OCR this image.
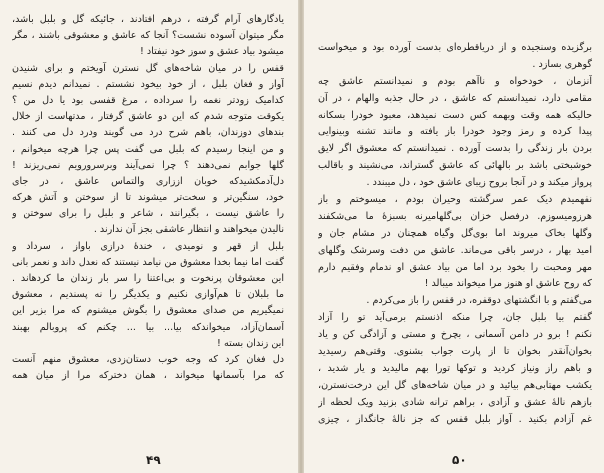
یادگارهای آرام گرفته ، درهم افتادند ، جائیکه گل و بلبل باشد،
مگر میتوان آسوده نشست؟ آنجا که عاشق و معشوقی باشند ، مگر
میشود بیاد عشق و سوز خود نیفتاد !
قفس را در میان شاخه‌های گل نسترن آویختم و برای شنیدن
آواز و فغان بلبل ، از خود بیخود نشستم . نمیدانم دیدم نسیم
کدامیک زودتر نغمه را سرداده ، مرغ قفسی بود یا دل من ؟
یکوقت متوجه شدم که این دو عاشق گرفتار ، مدتهاست از خلال
بندهای دوزندان، باهم شرح درد می گویند ودرد دل می کنند .
و من اینجا رسیدم که بلبل می گفت پس چرا هرچه میخوانم ،
گلها جوابم نمی‌دهند ؟ چرا نمی‌آیند وبرسرورویم نمی‌ریزند !
دل‌آدمکشیدکه خوبان اززاری والتماس عاشق ، در جای
خود، سنگین‌تر و سخت‌تر میشوند تا از سوختن و آتش هرکه
را عاشق نیست ، بگیرانند ، شاعر و بلبل را برای سوختن و
نالیدن میخواهند و انتظار عاشقی بجز آن ندارند .
بلبل از قهر و نومیدی ، خندهٔ درازی باواز ، سرداد و
گفت اما نیما بخدا معشوق من نیامد نیستند که نعدل داند و نعمر بانی
این معشوقان پرنخوت و بی‌اعتنا را سر بار زندان ما کردهاند .
ما بلبلان تا هم‌آوازی نکنیم و یکدیگر را نه پسندیم ، معشوق
نمیگیریم من صدای معشوق را بگوش میشنوم که مرا بزیر این
آسمان‌آزاد، میخواندکه بیا... بیا ... چکنم که پروبالم بهبند
این زندان بسته !
دل فغان کرد که وجه خوب دستان‌زدی، معشوق منهم آنست
که مرا بآسمانها میخواند ، همان دخترکه مرا از میان همه
۴۹
برگزیده وسنجیده و از دریاقطره‌ای بدست آورده بود و میخواست
گوهری بسازد .
آنزمان ، خودخواه و ناآهم بودم و نمیدانستم عاشق چه
مقامی دارد، نمیدانستم که عاشق ، در حال جذبه والهام ، در آن
حالیکه همه وقت وبهمه کس دست نمیدهد، معبود خودرا بسکانه
پیدا کرده و رمز وجود خودرا باز یافته و مانند تشنه وبینوایی
بردن بار زندگی را بدست آورده . نمیدانستم که معشوق اگر لایق
خوشبختی باشد بر بالهائی که عاشق گستراند، می‌نشیند و باقالب
پرواز میکند و در آنجا بروح زیبای عاشق خود ، دل میبندد .
نفهمیدم دیک عمر سرگشته وحیران بودم ، میسوختم و باز
هرزومیسوزم. درفصل خزان بی‌گلهامیرنه بسبزهٔ ما می‌شکفند
وگلها بخاک میروند اما بوی‌گل وگیاه همچنان در مشام جان و
امید بهار ، درسر باقی می‌ماند. عاشق من دفت وسرشک وگلهای
مهر ومحبت را بخود برد اما من بیاد عشق او ندمام وفقیم دارم
که روح عاشق او هنوز مرا میخواند میبالد !
می‌گفتم و با انگشتهای دوقفره، در قفس را باز می‌کردم .
گفتم بیا بلبل جان، چرا منکه اذنستم برمی‌آید تو را آزاد
نکنم ! برو در دامن آسمانی ، بچرخ و مستی و آزادگی کن و یاد
بخوان‌آنقدر بخوان تا از پارت جواب بشنوی. وقتی‌هم رسیدید
و باهم راز ونیاز کردید و توکها تورا بهم مالیدید و یار شدید ،
یکشب مهتابی‌هم بیائید و در میان شاخه‌های گل این درخت‌نسترن،
بازهم نالهٔ عشق و آزادی ، براهم ترانه شادی بزنید ویک لحظه از
غم آزادم بکنید . آواز بلبل قفس که جز نالهٔ جانگداز ، چیزی
۵۰
